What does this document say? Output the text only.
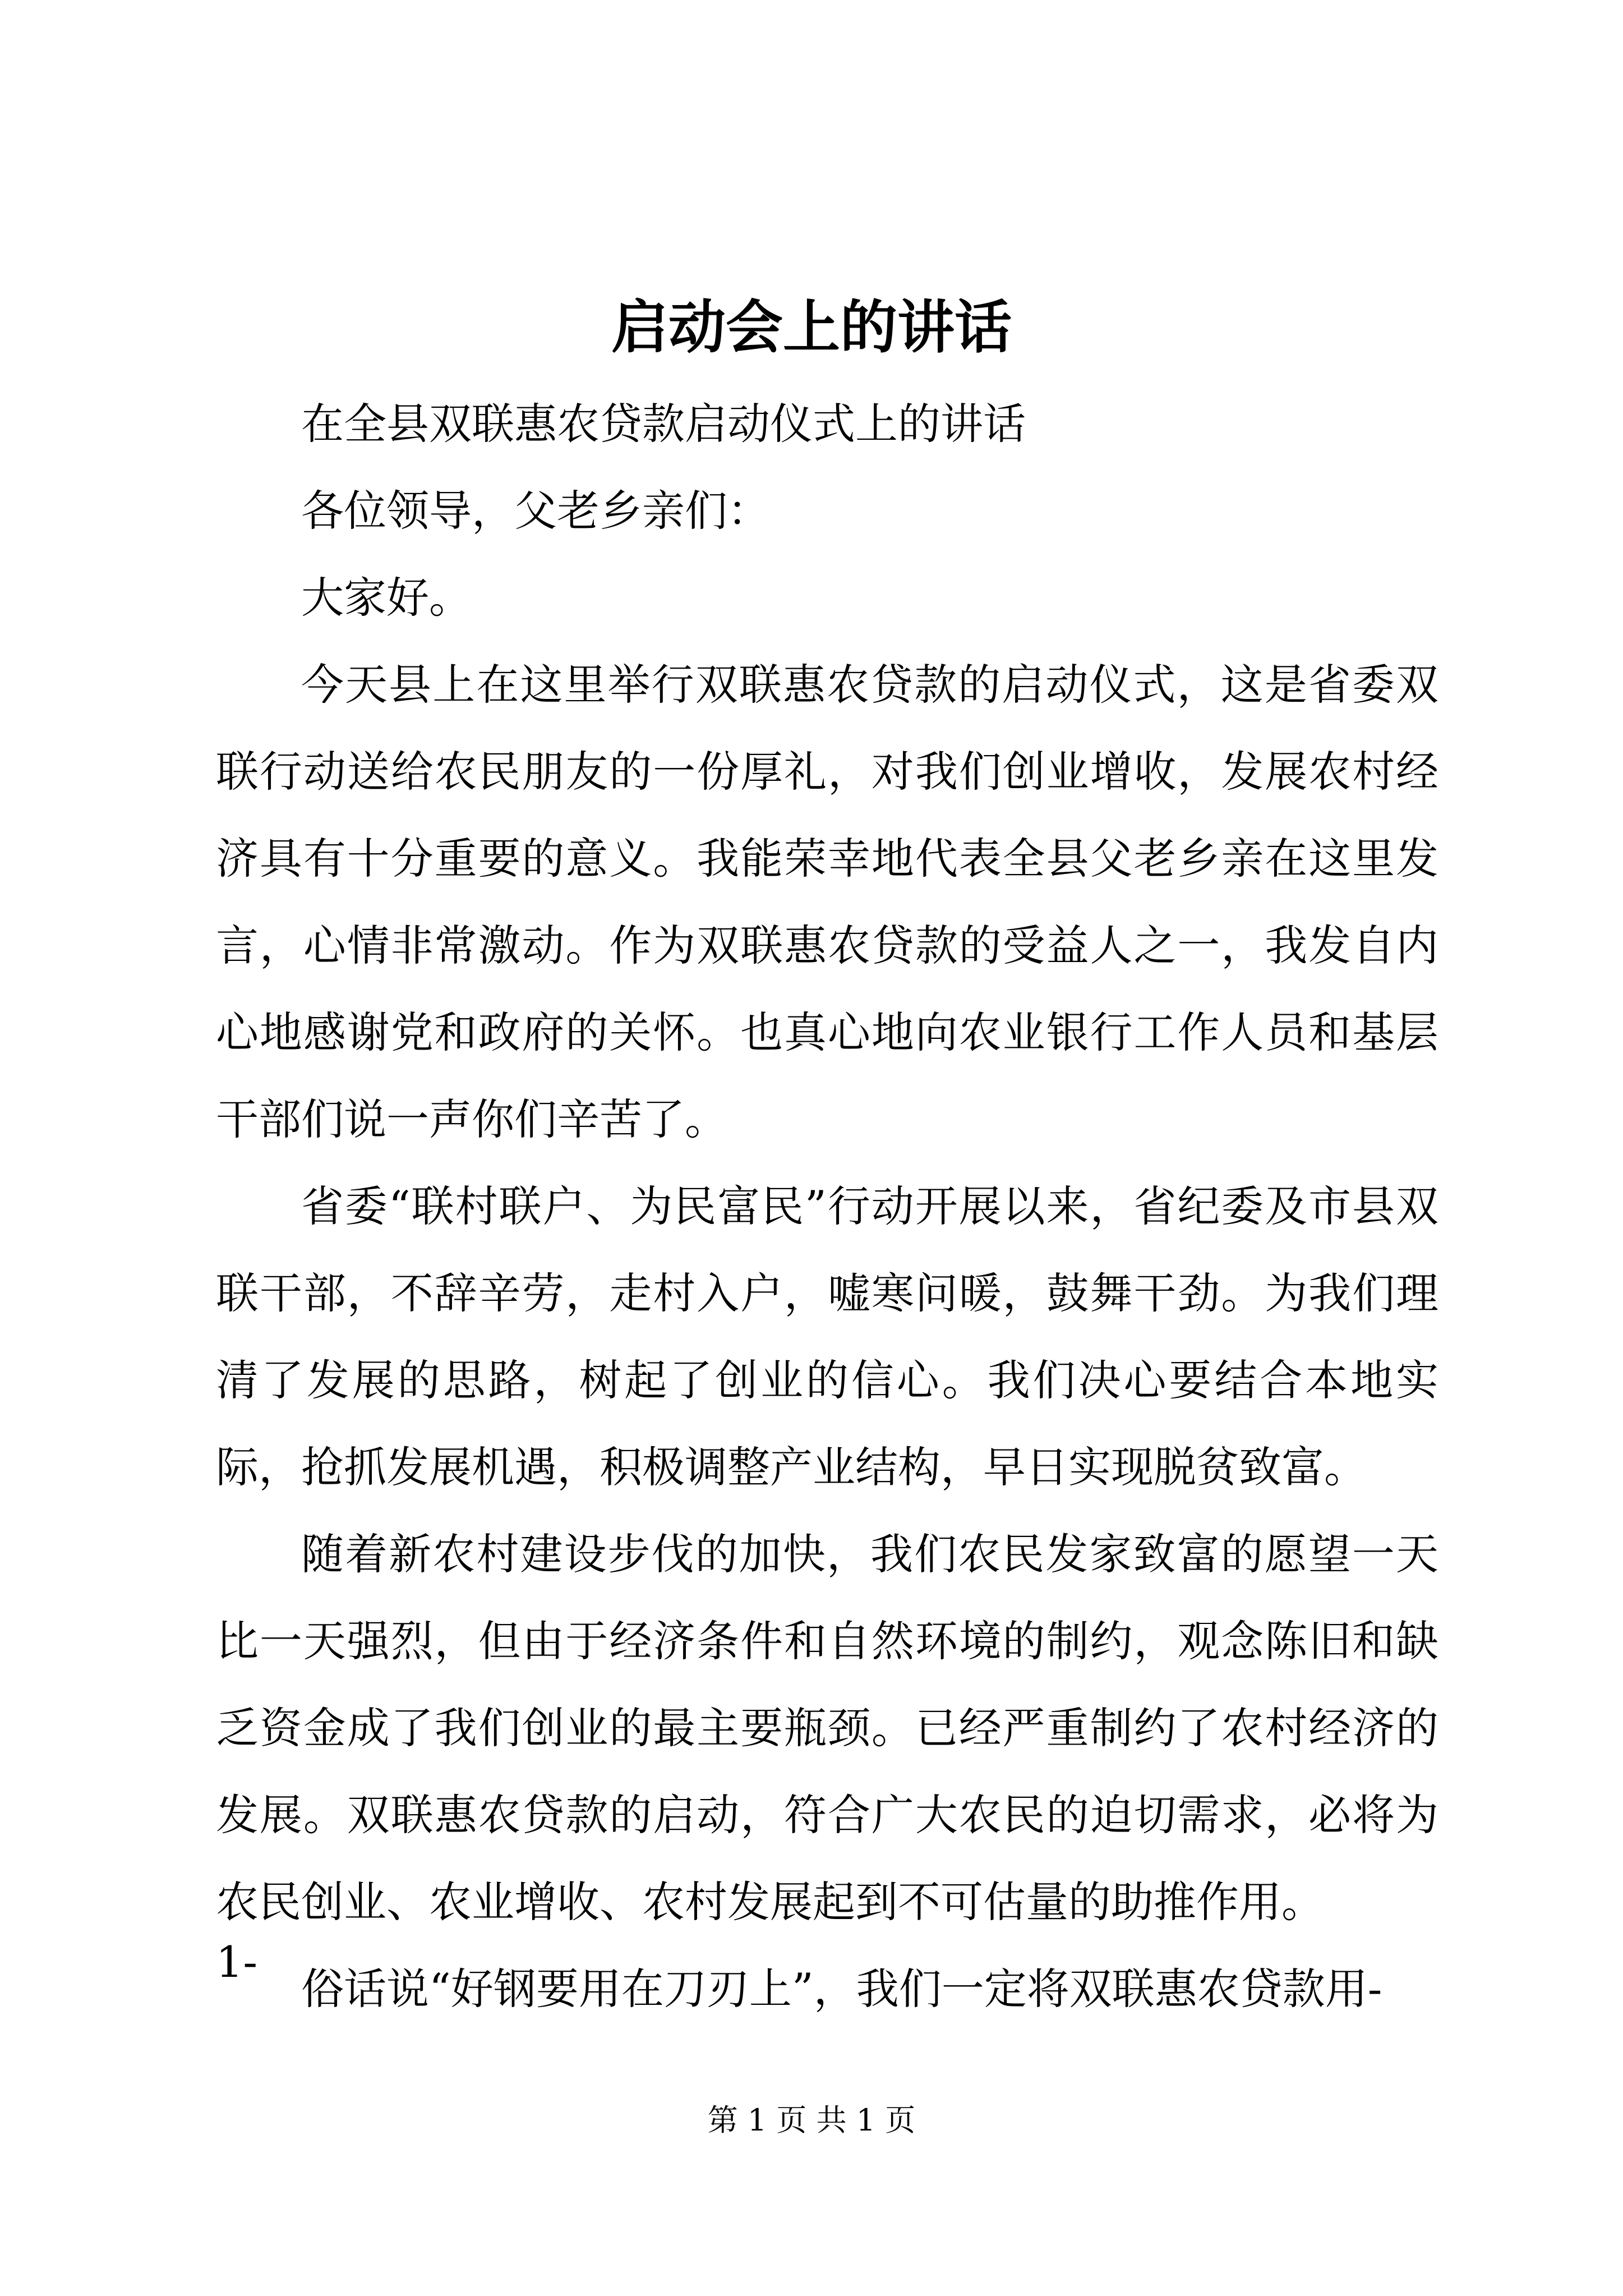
启动会上的讲话

在全县双联惠农贷款启动仪式上的讲话

各位领导，父老乡亲们：

大家好。

今天县上在这里举行双联惠农贷款的启动仪式，这是省委双联行动送给农民朋友的一份厚礼，对我们创业增收，发展农村经济具有十分重要的意义。我能荣幸地代表全县父老乡亲在这里发言，心情非常激动。作为双联惠农贷款的受益人之一，我发自内心地感谢党和政府的关怀。也真心地向农业银行工作人员和基层干部们说一声你们辛苦了。

省委“联村联户、为民富民”行动开展以来，省纪委及市县双联干部，不辞辛劳，走村入户，嘘寒问暖，鼓舞干劲。为我们理清了发展的思路，树起了创业的信心。我们决心要结合本地实际，抢抓发展机遇，积极调整产业结构，早日实现脱贫致富。

随着新农村建设步伐的加快，我们农民发家致富的愿望一天比一天强烈，但由于经济条件和自然环境的制约，观念陈旧和缺乏资金成了我们创业的最主要瓶颈。已经严重制约了农村经济的发展。双联惠农贷款的启动，符合广大农民的迫切需求，必将为农民创业、农业增收、农村发展起到不可估量的助推作用。

俗话说“好钢要用在刀刃上”，我们一定将双联惠农贷款用-

1-
第 1 页 共 1 页
